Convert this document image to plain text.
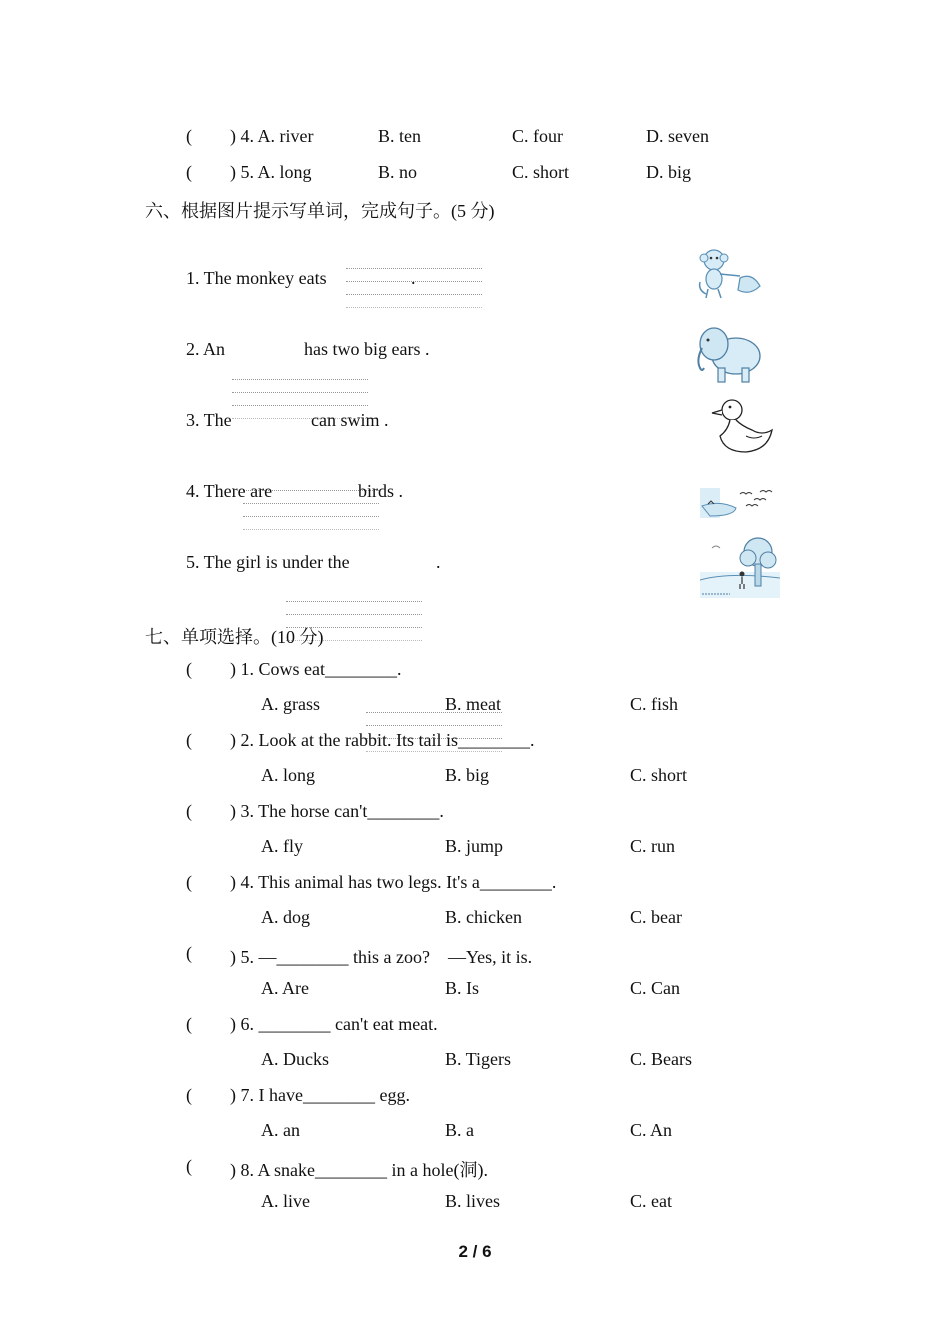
( ) 4. A. river	B. ten	C. four	D. seven
( ) 5. A. long	B. no	C. short	D. big
六、根据图片提示写单词，完成句子。(5 分)
1. The monkey eats	.
2. An	has two big ears .
3. The	can swim .
4. There are	birds .
5. The girl is under the	.
七、单项选择。(10 分)
( ) 1. Cows eat________.
A. grass	B. meat	C. fish
( ) 2. Look at the rabbit. Its tail is________.
A. long	B. big	C. short
( ) 3. The horse can't________.
A. fly	B. jump	C. run
( ) 4. This animal has two legs. It's a________.
A. dog	B. chicken	C. bear
( ) 5. —________ this a zoo?　—Yes, it is.
A. Are	B. Is	C. Can
( ) 6. ________ can't eat meat.
A. Ducks	B. Tigers	C. Bears
( ) 7. I have________ egg.
A. an	B. a	C. An
( ) 8. A snake________ in a hole(洞).
A. live	B. lives	C. eat
2 / 6
